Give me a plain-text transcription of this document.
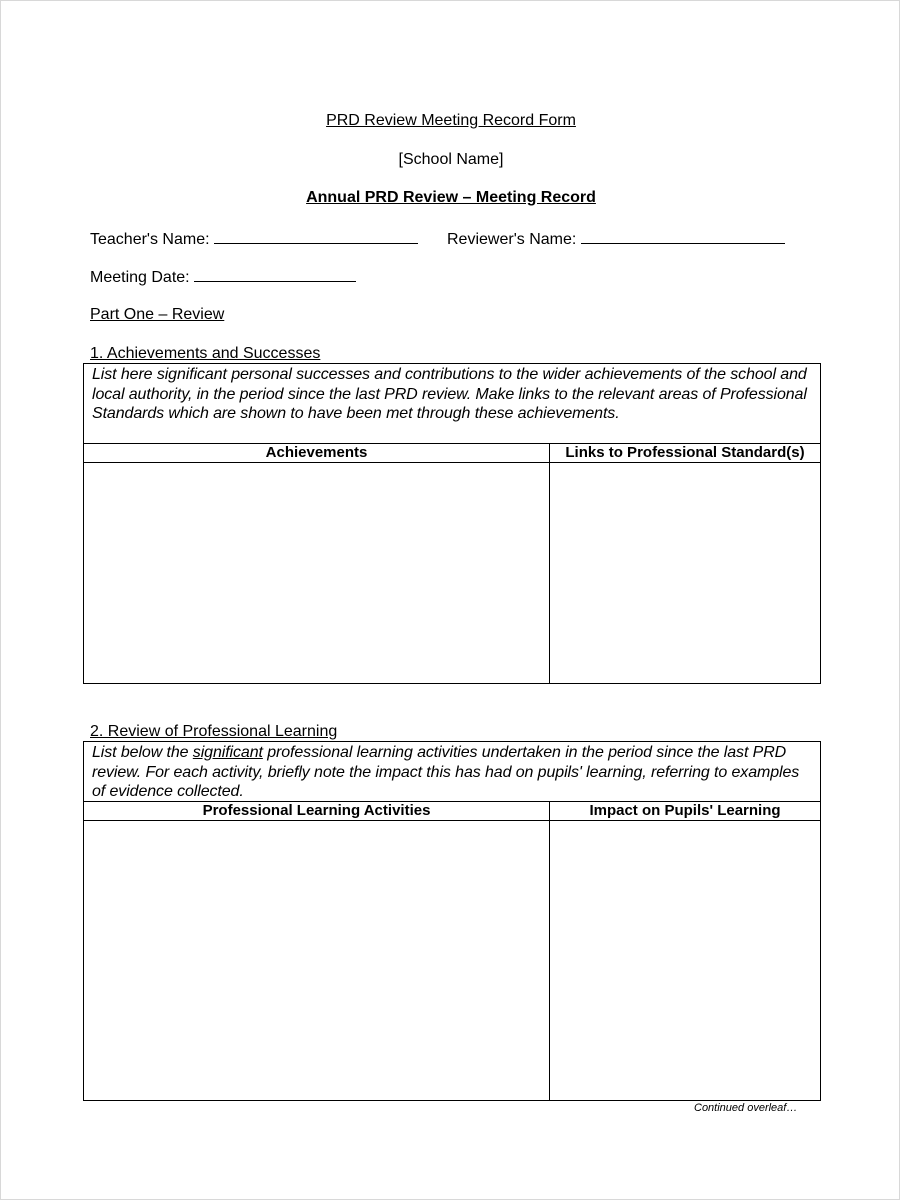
PRD Review Meeting Record Form
[School Name]
Annual PRD Review – Meeting Record
Teacher's Name:	Reviewer's Name:
Meeting Date:
Part One – Review
1. Achievements and Successes
List here significant personal successes and contributions to the wider achievements of the school and local authority, in the period since the last PRD review. Make links to the relevant areas of Professional Standards which are shown to have been met through these achievements.
Achievements	Links to Professional Standard(s)
2. Review of Professional Learning
List below the significant professional learning activities undertaken in the period since the last PRD review. For each activity, briefly note the impact this has had on pupils' learning, referring to examples of evidence collected.
Professional Learning Activities	Impact on Pupils' Learning
Continued overleaf…
